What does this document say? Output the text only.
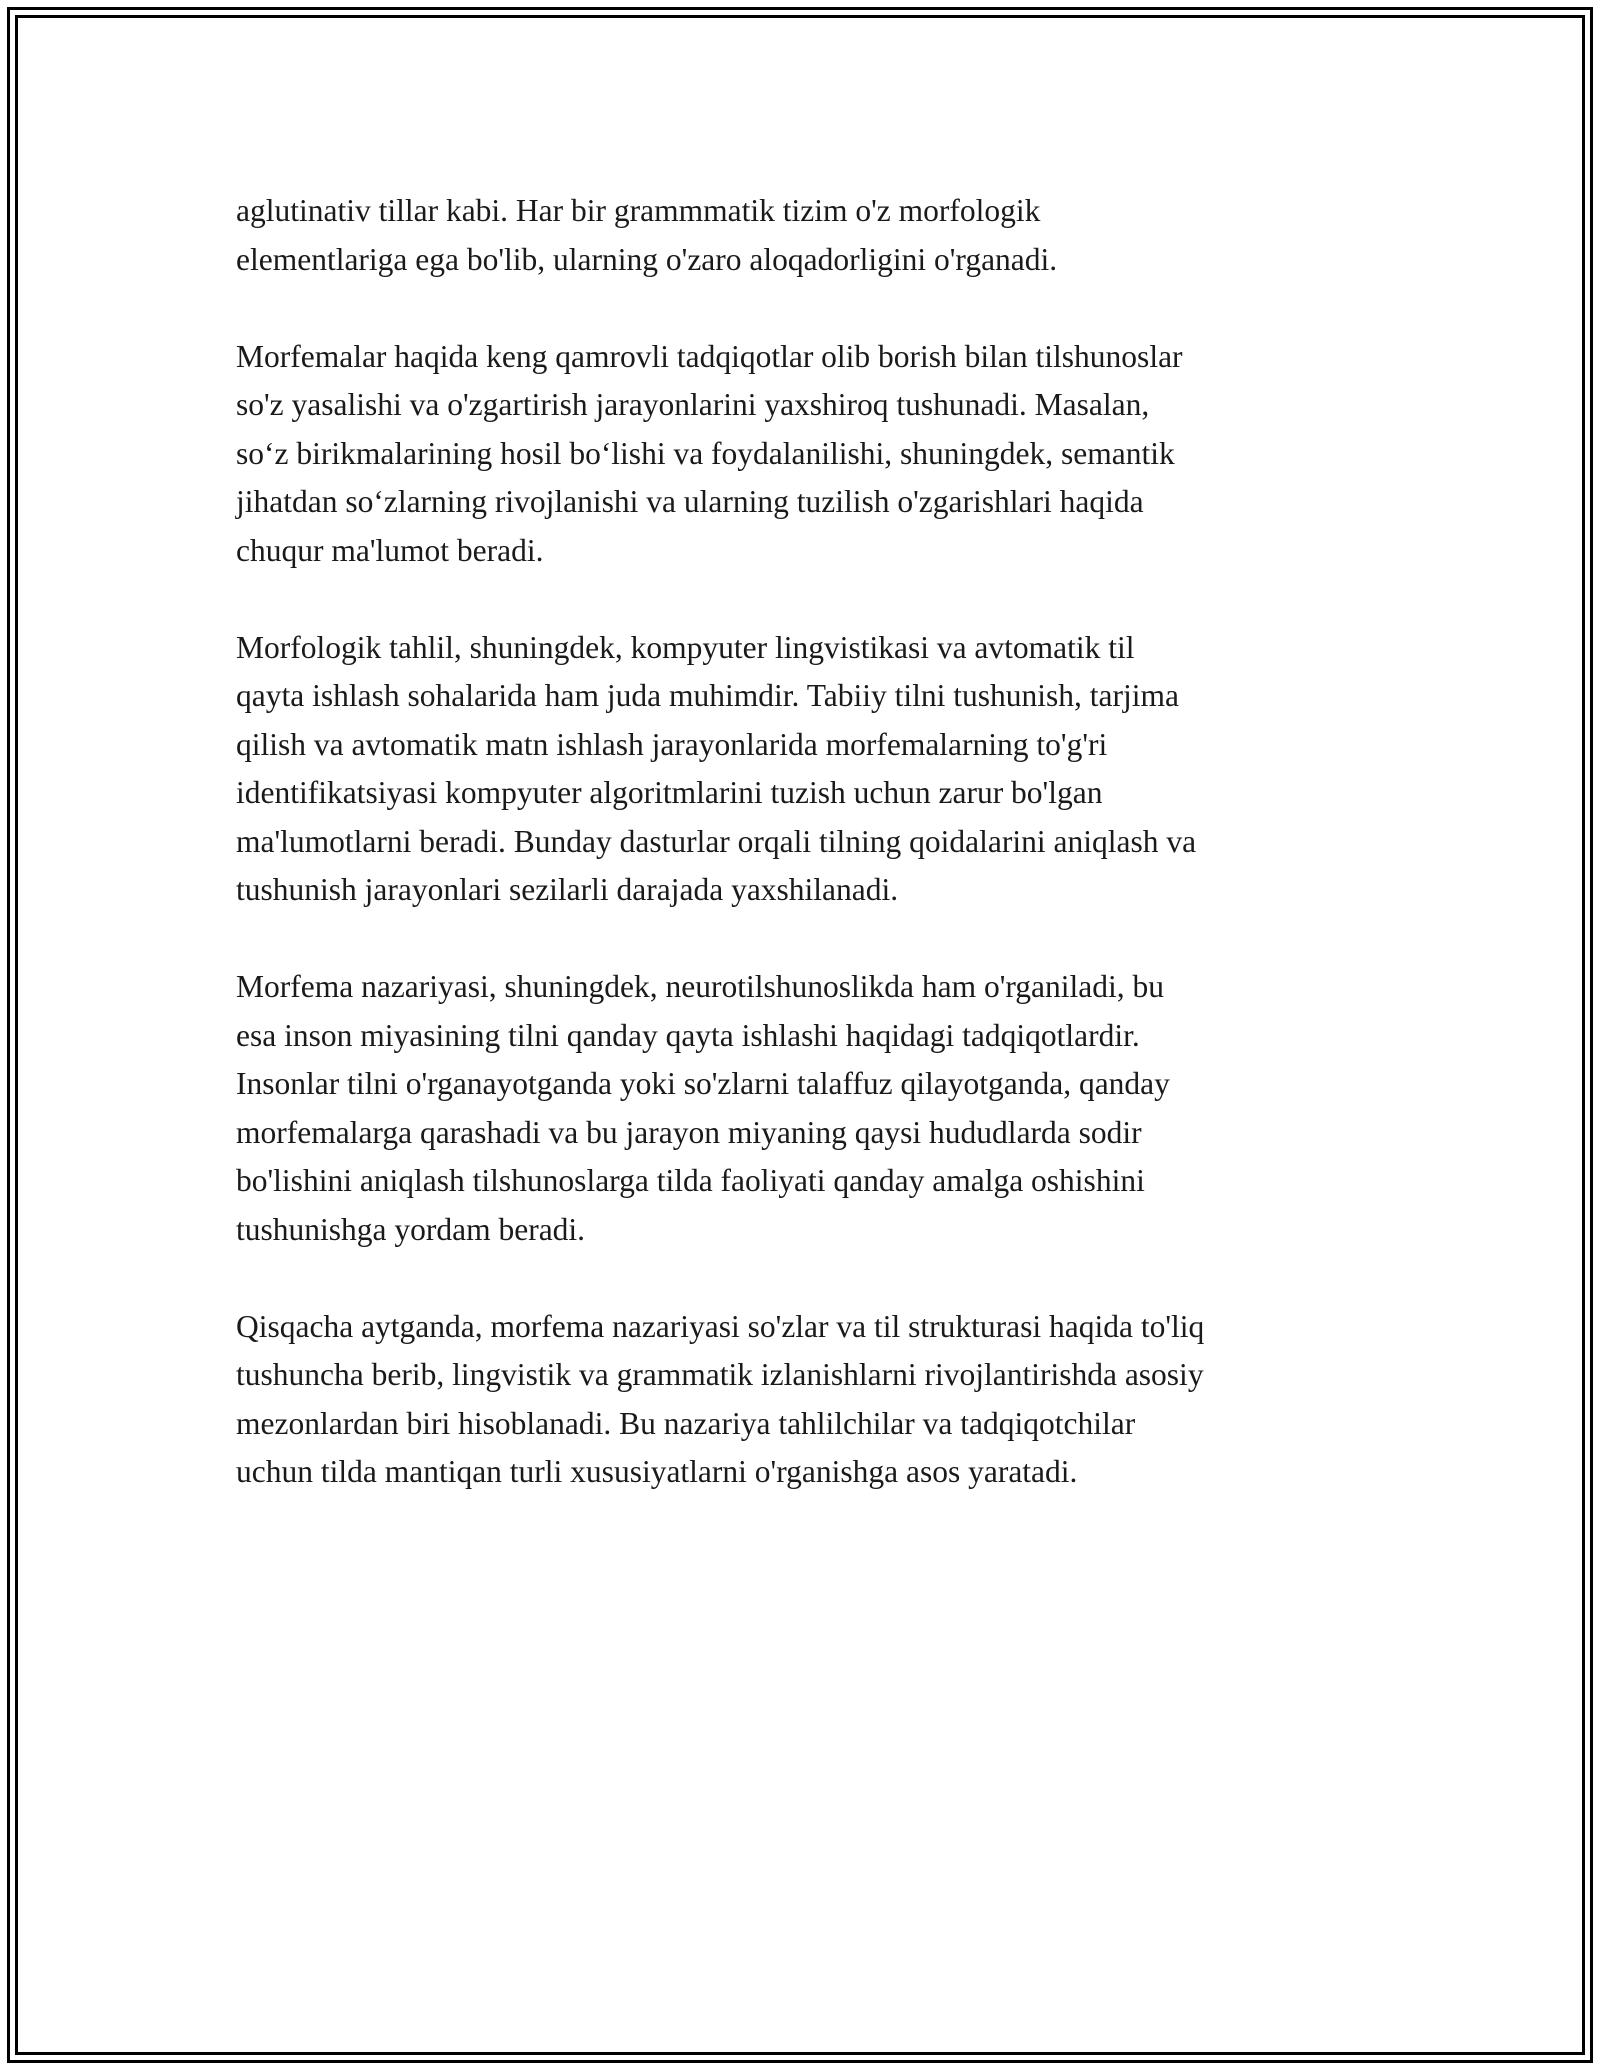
aglutinativ tillar kabi. Har bir grammmatik tizim o'z morfologik
elementlariga ega bo'lib, ularning o'zaro aloqadorligini o'rganadi.

Morfemalar haqida keng qamrovli tadqiqotlar olib borish bilan tilshunoslar
so'z yasalishi va o'zgartirish jarayonlarini yaxshiroq tushunadi. Masalan,
so‘z birikmalarining hosil bo‘lishi va foydalanilishi, shuningdek, semantik
jihatdan so‘zlarning rivojlanishi va ularning tuzilish o'zgarishlari haqida
chuqur ma'lumot beradi.

Morfologik tahlil, shuningdek, kompyuter lingvistikasi va avtomatik til
qayta ishlash sohalarida ham juda muhimdir. Tabiiy tilni tushunish, tarjima
qilish va avtomatik matn ishlash jarayonlarida morfemalarning to'g'ri
identifikatsiyasi kompyuter algoritmlarini tuzish uchun zarur bo'lgan
ma'lumotlarni beradi. Bunday dasturlar orqali tilning qoidalarini aniqlash va
tushunish jarayonlari sezilarli darajada yaxshilanadi.

Morfema nazariyasi, shuningdek, neurotilshunoslikda ham o'rganiladi, bu
esa inson miyasining tilni qanday qayta ishlashi haqidagi tadqiqotlardir.
Insonlar tilni o'rganayotganda yoki so'zlarni talaffuz qilayotganda, qanday
morfemalarga qarashadi va bu jarayon miyaning qaysi hududlarda sodir
bo'lishini aniqlash tilshunoslarga tilda faoliyati qanday amalga oshishini
tushunishga yordam beradi.

Qisqacha aytganda, morfema nazariyasi so'zlar va til strukturasi haqida to'liq
tushuncha berib, lingvistik va grammatik izlanishlarni rivojlantirishda asosiy
mezonlardan biri hisoblanadi. Bu nazariya tahlilchilar va tadqiqotchilar
uchun tilda mantiqan turli xususiyatlarni o'rganishga asos yaratadi.
